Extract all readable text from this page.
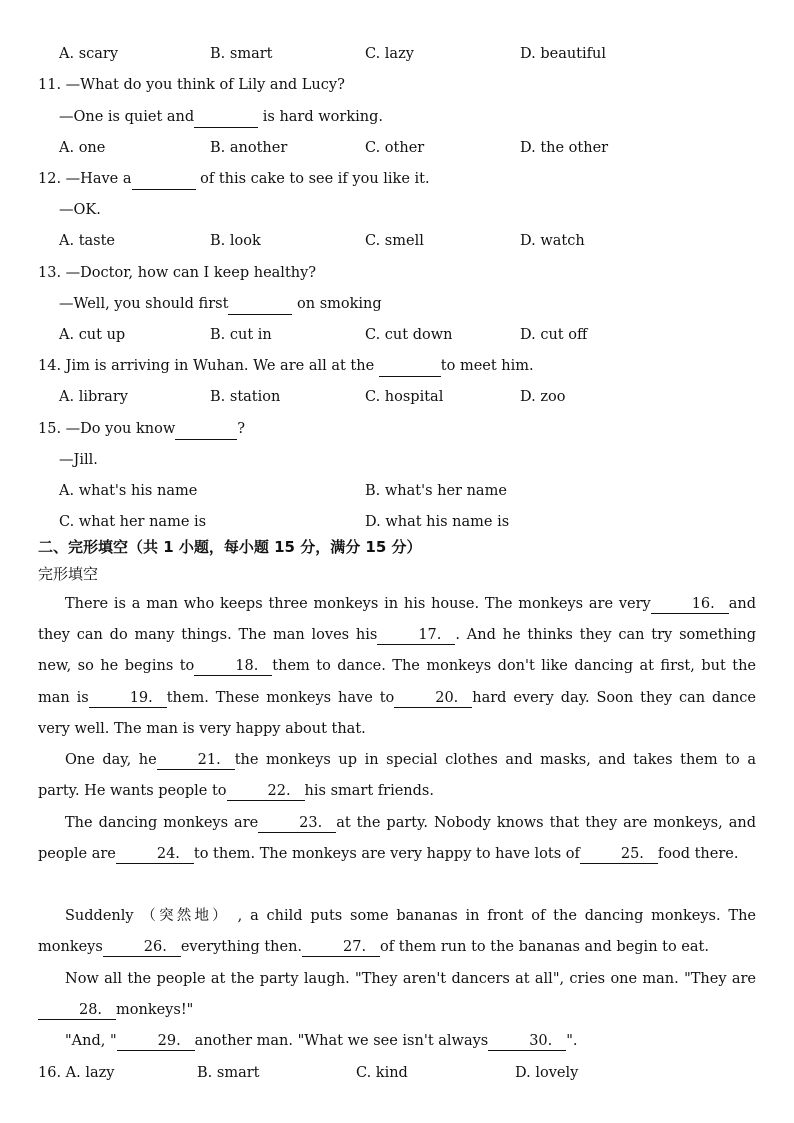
A. scary	B. smart	C. lazy	D. beautiful
11. —What do you think of Lily and Lucy?
—One is quiet and	is hard working.
A. one	B. another	C. other	D. the other
12. —Have a	of this cake to see if you like it.
—OK.
A. taste	B. look	C. smell	D. watch
13. —Doctor, how can I keep healthy?
—Well, you should first	on smoking
A. cut up	B. cut in	C. cut down	D. cut off
14. Jim is arriving in Wuhan. We are all at the	to meet him.
A. library	B. station	C. hospital	D. zoo
15. —Do you know	?
—Jill.
A. what's his name	B. what's her name
C. what her name is	D. what his name is
二、完形填空（共 1 小题，每小题 15 分，满分 15 分）
完形填空
There is a man who keeps three monkeys in his house. The monkeys are very	16. and they can do many things. The man loves his	17. . And he thinks they can try something new, so he begins to	18. them to dance. The monkeys don't like dancing at first, but the man is	19. them. These monkeys have to	20. hard every day. Soon they can dance very well. The man is very happy about that.
One day, he	21. the monkeys up in special clothes and masks, and takes them to a party. He wants people to	22. his smart friends.
The dancing monkeys are	23. at the party. Nobody knows that they are monkeys, and people are	24. to them. The monkeys are very happy to have lots of	25. food there.
Suddenly （突然地） , a child puts some bananas in front of the dancing monkeys. The monkeys	26. everything then.	27. of them run to the bananas and begin to eat.
Now all the people at the party laugh. "They aren't dancers at all", cries one man. "They are28. monkeys!"
"And, "	29. another man. "What we see isn't always	30. ".
16. A. lazy	B. smart	C. kind	D. lovely
